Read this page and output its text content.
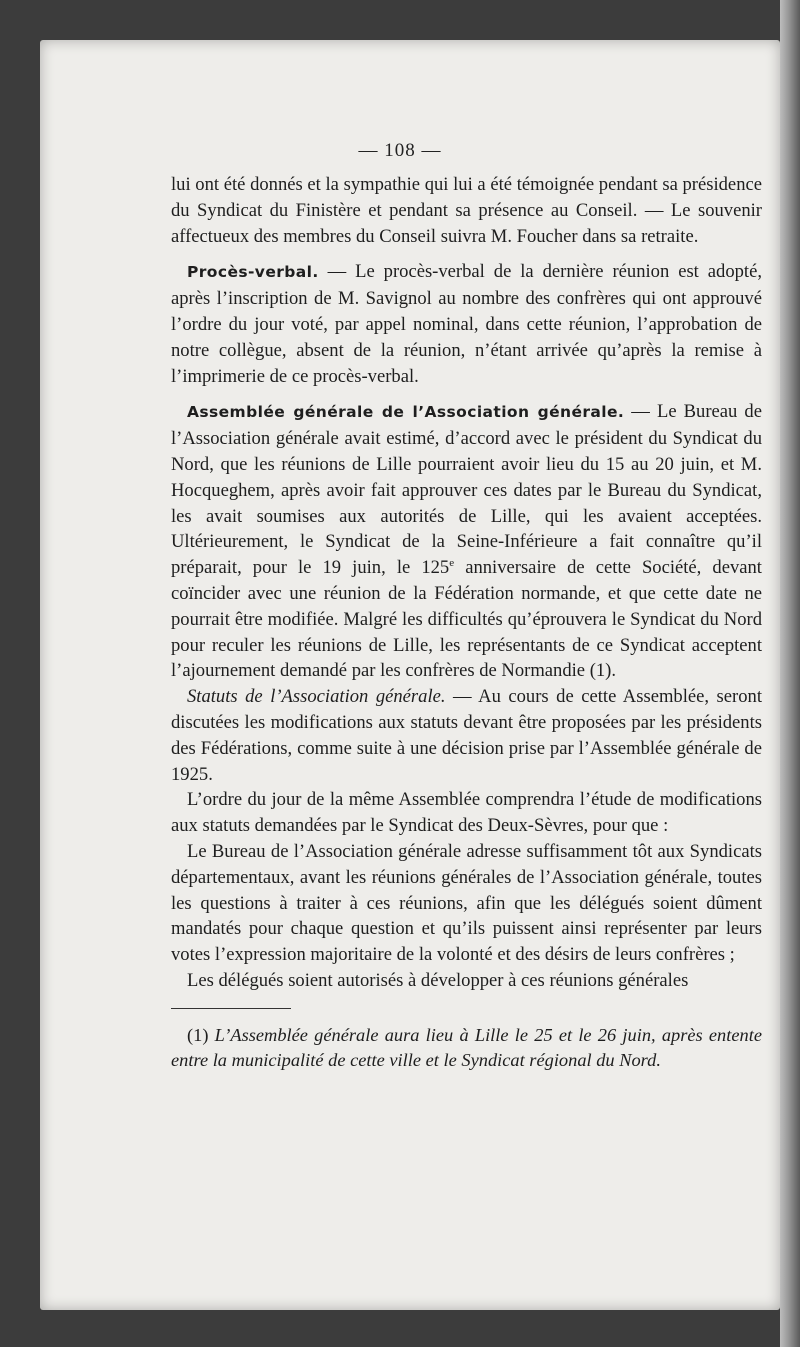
— 108 —

lui ont été donnés et la sympathie qui lui a été témoignée pendant sa présidence du Syndicat du Finistère et pendant sa présence au Conseil. — Le souvenir affectueux des membres du Conseil suivra M. Foucher dans sa retraite.

Procès-verbal. — Le procès-verbal de la dernière réunion est adopté, après l’inscription de M. Savignol au nombre des confrères qui ont approuvé l’ordre du jour voté, par appel nominal, dans cette réunion, l’approbation de notre collègue, absent de la réunion, n’étant arrivée qu’après la remise à l’imprimerie de ce procès-verbal.

Assemblée générale de l’Association générale. — Le Bureau de l’Association générale avait estimé, d’accord avec le président du Syndicat du Nord, que les réunions de Lille pourraient avoir lieu du 15 au 20 juin, et M. Hocqueghem, après avoir fait approuver ces dates par le Bureau du Syndicat, les avait soumises aux autorités de Lille, qui les avaient acceptées. Ultérieurement, le Syndicat de la Seine-Inférieure a fait connaître qu’il préparait, pour le 19 juin, le 125e anniversaire de cette Société, devant coïncider avec une réunion de la Fédération normande, et que cette date ne pourrait être modifiée. Malgré les difficultés qu’éprouvera le Syndicat du Nord pour reculer les réunions de Lille, les représentants de ce Syndicat acceptent l’ajournement demandé par les confrères de Normandie (1).

Statuts de l’Association générale. — Au cours de cette Assemblée, seront discutées les modifications aux statuts devant être proposées par les présidents des Fédérations, comme suite à une décision prise par l’Assemblée générale de 1925.

L’ordre du jour de la même Assemblée comprendra l’étude de modifications aux statuts demandées par le Syndicat des Deux-Sèvres, pour que :

Le Bureau de l’Association générale adresse suffisamment tôt aux Syndicats départementaux, avant les réunions générales de l’Association générale, toutes les questions à traiter à ces réunions, afin que les délégués soient dûment mandatés pour chaque question et qu’ils puissent ainsi représenter par leurs votes l’expression majoritaire de la volonté et des désirs de leurs confrères ;

Les délégués soient autorisés à développer à ces réunions générales

(1) L’Assemblée générale aura lieu à Lille le 25 et le 26 juin, après entente entre la municipalité de cette ville et le Syndicat régional du Nord.
